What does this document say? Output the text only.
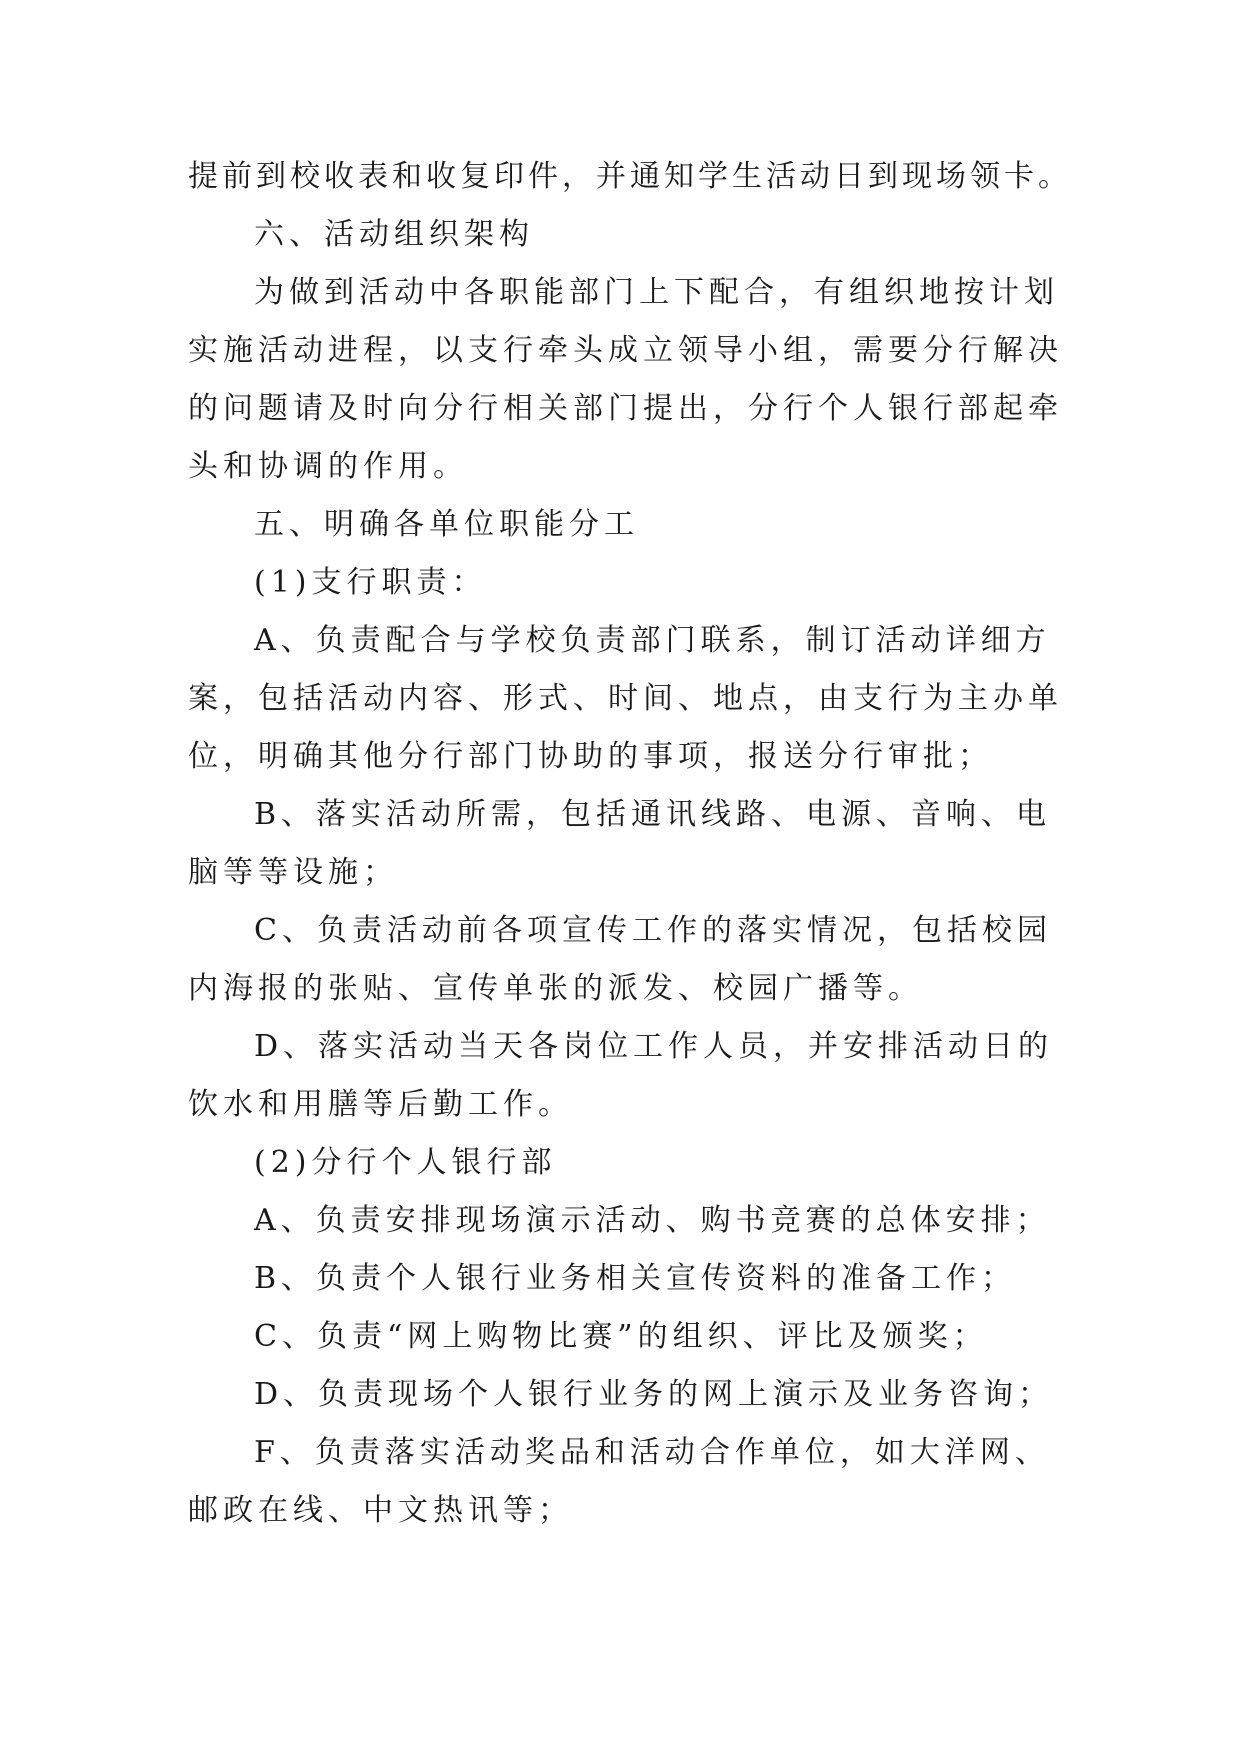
提前到校收表和收复印件，并通知学生活动日到现场领卡。

六、活动组织架构

为做到活动中各职能部门上下配合，有组织地按计划实施活动进程，以支行牵头成立领导小组，需要分行解决的问题请及时向分行相关部门提出，分行个人银行部起牵头和协调的作用。

五、明确各单位职能分工

(1)支行职责：

A、负责配合与学校负责部门联系，制订活动详细方案，包括活动内容、形式、时间、地点，由支行为主办单位，明确其他分行部门协助的事项，报送分行审批；

B、落实活动所需，包括通讯线路、电源、音响、电脑等等设施；

C、负责活动前各项宣传工作的落实情况，包括校园内海报的张贴、宣传单张的派发、校园广播等。

D、落实活动当天各岗位工作人员，并安排活动日的饮水和用膳等后勤工作。

(2)分行个人银行部

A、负责安排现场演示活动、购书竞赛的总体安排；

B、负责个人银行业务相关宣传资料的准备工作；

C、负责“网上购物比赛”的组织、评比及颁奖；

D、负责现场个人银行业务的网上演示及业务咨询；

F、负责落实活动奖品和活动合作单位，如大洋网、邮政在线、中文热讯等；
